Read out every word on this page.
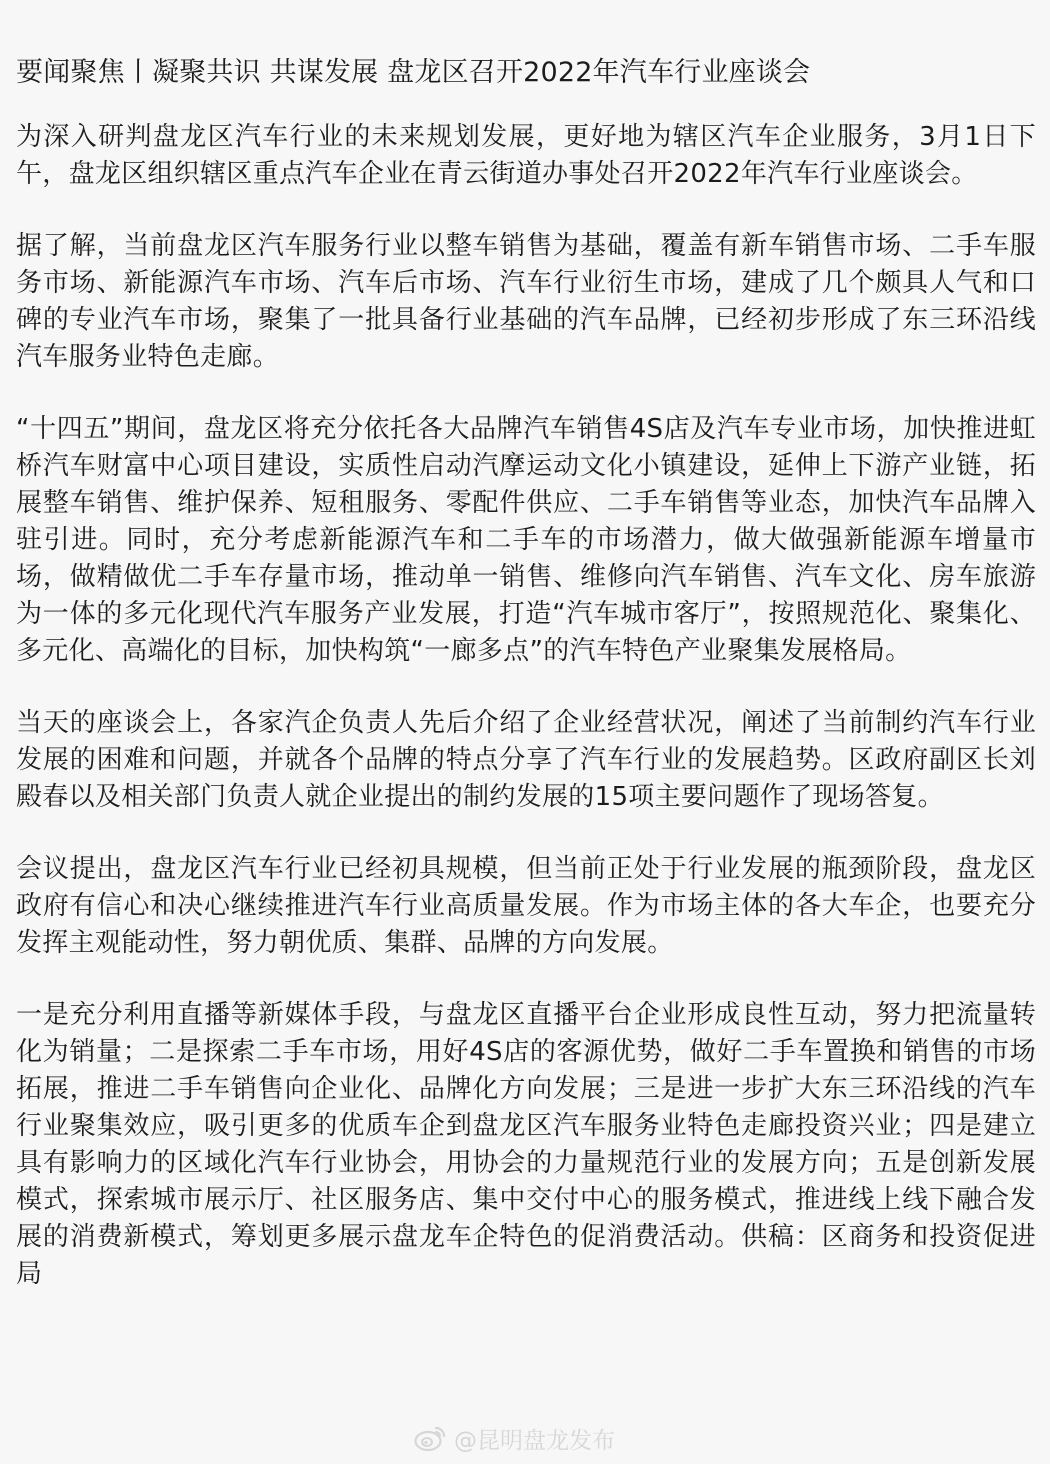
要闻聚焦丨凝聚共识 共谋发展 盘龙区召开2022年汽车行业座谈会

为深入研判盘龙区汽车行业的未来规划发展，更好地为辖区汽车企业服务，3月1日下午，盘龙区组织辖区重点汽车企业在青云街道办事处召开2022年汽车行业座谈会。

据了解，当前盘龙区汽车服务行业以整车销售为基础，覆盖有新车销售市场、二手车服务市场、新能源汽车市场、汽车后市场、汽车行业衍生市场，建成了几个颇具人气和口碑的专业汽车市场，聚集了一批具备行业基础的汽车品牌，已经初步形成了东三环沿线汽车服务业特色走廊。

“十四五”期间，盘龙区将充分依托各大品牌汽车销售4S店及汽车专业市场，加快推进虹桥汽车财富中心项目建设，实质性启动汽摩运动文化小镇建设，延伸上下游产业链，拓展整车销售、维护保养、短租服务、零配件供应、二手车销售等业态，加快汽车品牌入驻引进。同时，充分考虑新能源汽车和二手车的市场潜力，做大做强新能源车增量市场，做精做优二手车存量市场，推动单一销售、维修向汽车销售、汽车文化、房车旅游为一体的多元化现代汽车服务产业发展，打造“汽车城市客厅”，按照规范化、聚集化、多元化、高端化的目标，加快构筑“一廊多点”的汽车特色产业聚集发展格局。

当天的座谈会上，各家汽企负责人先后介绍了企业经营状况，阐述了当前制约汽车行业发展的困难和问题，并就各个品牌的特点分享了汽车行业的发展趋势。区政府副区长刘殿春以及相关部门负责人就企业提出的制约发展的15项主要问题作了现场答复。

会议提出，盘龙区汽车行业已经初具规模，但当前正处于行业发展的瓶颈阶段，盘龙区政府有信心和决心继续推进汽车行业高质量发展。作为市场主体的各大车企，也要充分发挥主观能动性，努力朝优质、集群、品牌的方向发展。

一是充分利用直播等新媒体手段，与盘龙区直播平台企业形成良性互动，努力把流量转化为销量；二是探索二手车市场，用好4S店的客源优势，做好二手车置换和销售的市场拓展，推进二手车销售向企业化、品牌化方向发展；三是进一步扩大东三环沿线的汽车行业聚集效应，吸引更多的优质车企到盘龙区汽车服务业特色走廊投资兴业；四是建立具有影响力的区域化汽车行业协会，用协会的力量规范行业的发展方向；五是创新发展模式，探索城市展示厅、社区服务店、集中交付中心的服务模式，推进线上线下融合发展的消费新模式，筹划更多展示盘龙车企特色的促消费活动。供稿：区商务和投资促进局

@昆明盘龙发布
